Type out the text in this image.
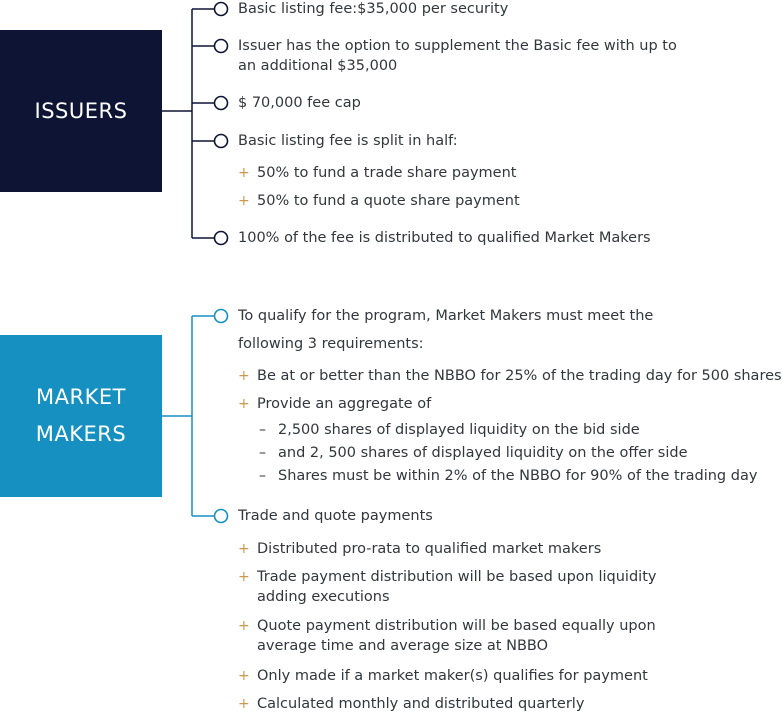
ISSUERS
Basic listing fee:$35,000 per security
Issuer has the option to supplement the Basic fee with up to an additional $35,000
$ 70,000 fee cap
Basic listing fee is split in half:
+ 50% to fund a trade share payment
+ 50% to fund a quote share payment
100% of the fee is distributed to qualified Market Makers
MARKET
MAKERS
To qualify for the program, Market Makers must meet the following 3 requirements:
+ Be at or better than the NBBO for 25% of the trading day for 500 shares
+ Provide an aggregate of
– 2,500 shares of displayed liquidity on the bid side
– and 2, 500 shares of displayed liquidity on the offer side
– Shares must be within 2% of the NBBO for 90% of the trading day
Trade and quote payments
+ Distributed pro-rata to qualified market makers
+ Trade payment distribution will be based upon liquidity adding executions
+ Quote payment distribution will be based equally upon average time and average size at NBBO
+ Only made if a market maker(s) qualifies for payment
+ Calculated monthly and distributed quarterly
